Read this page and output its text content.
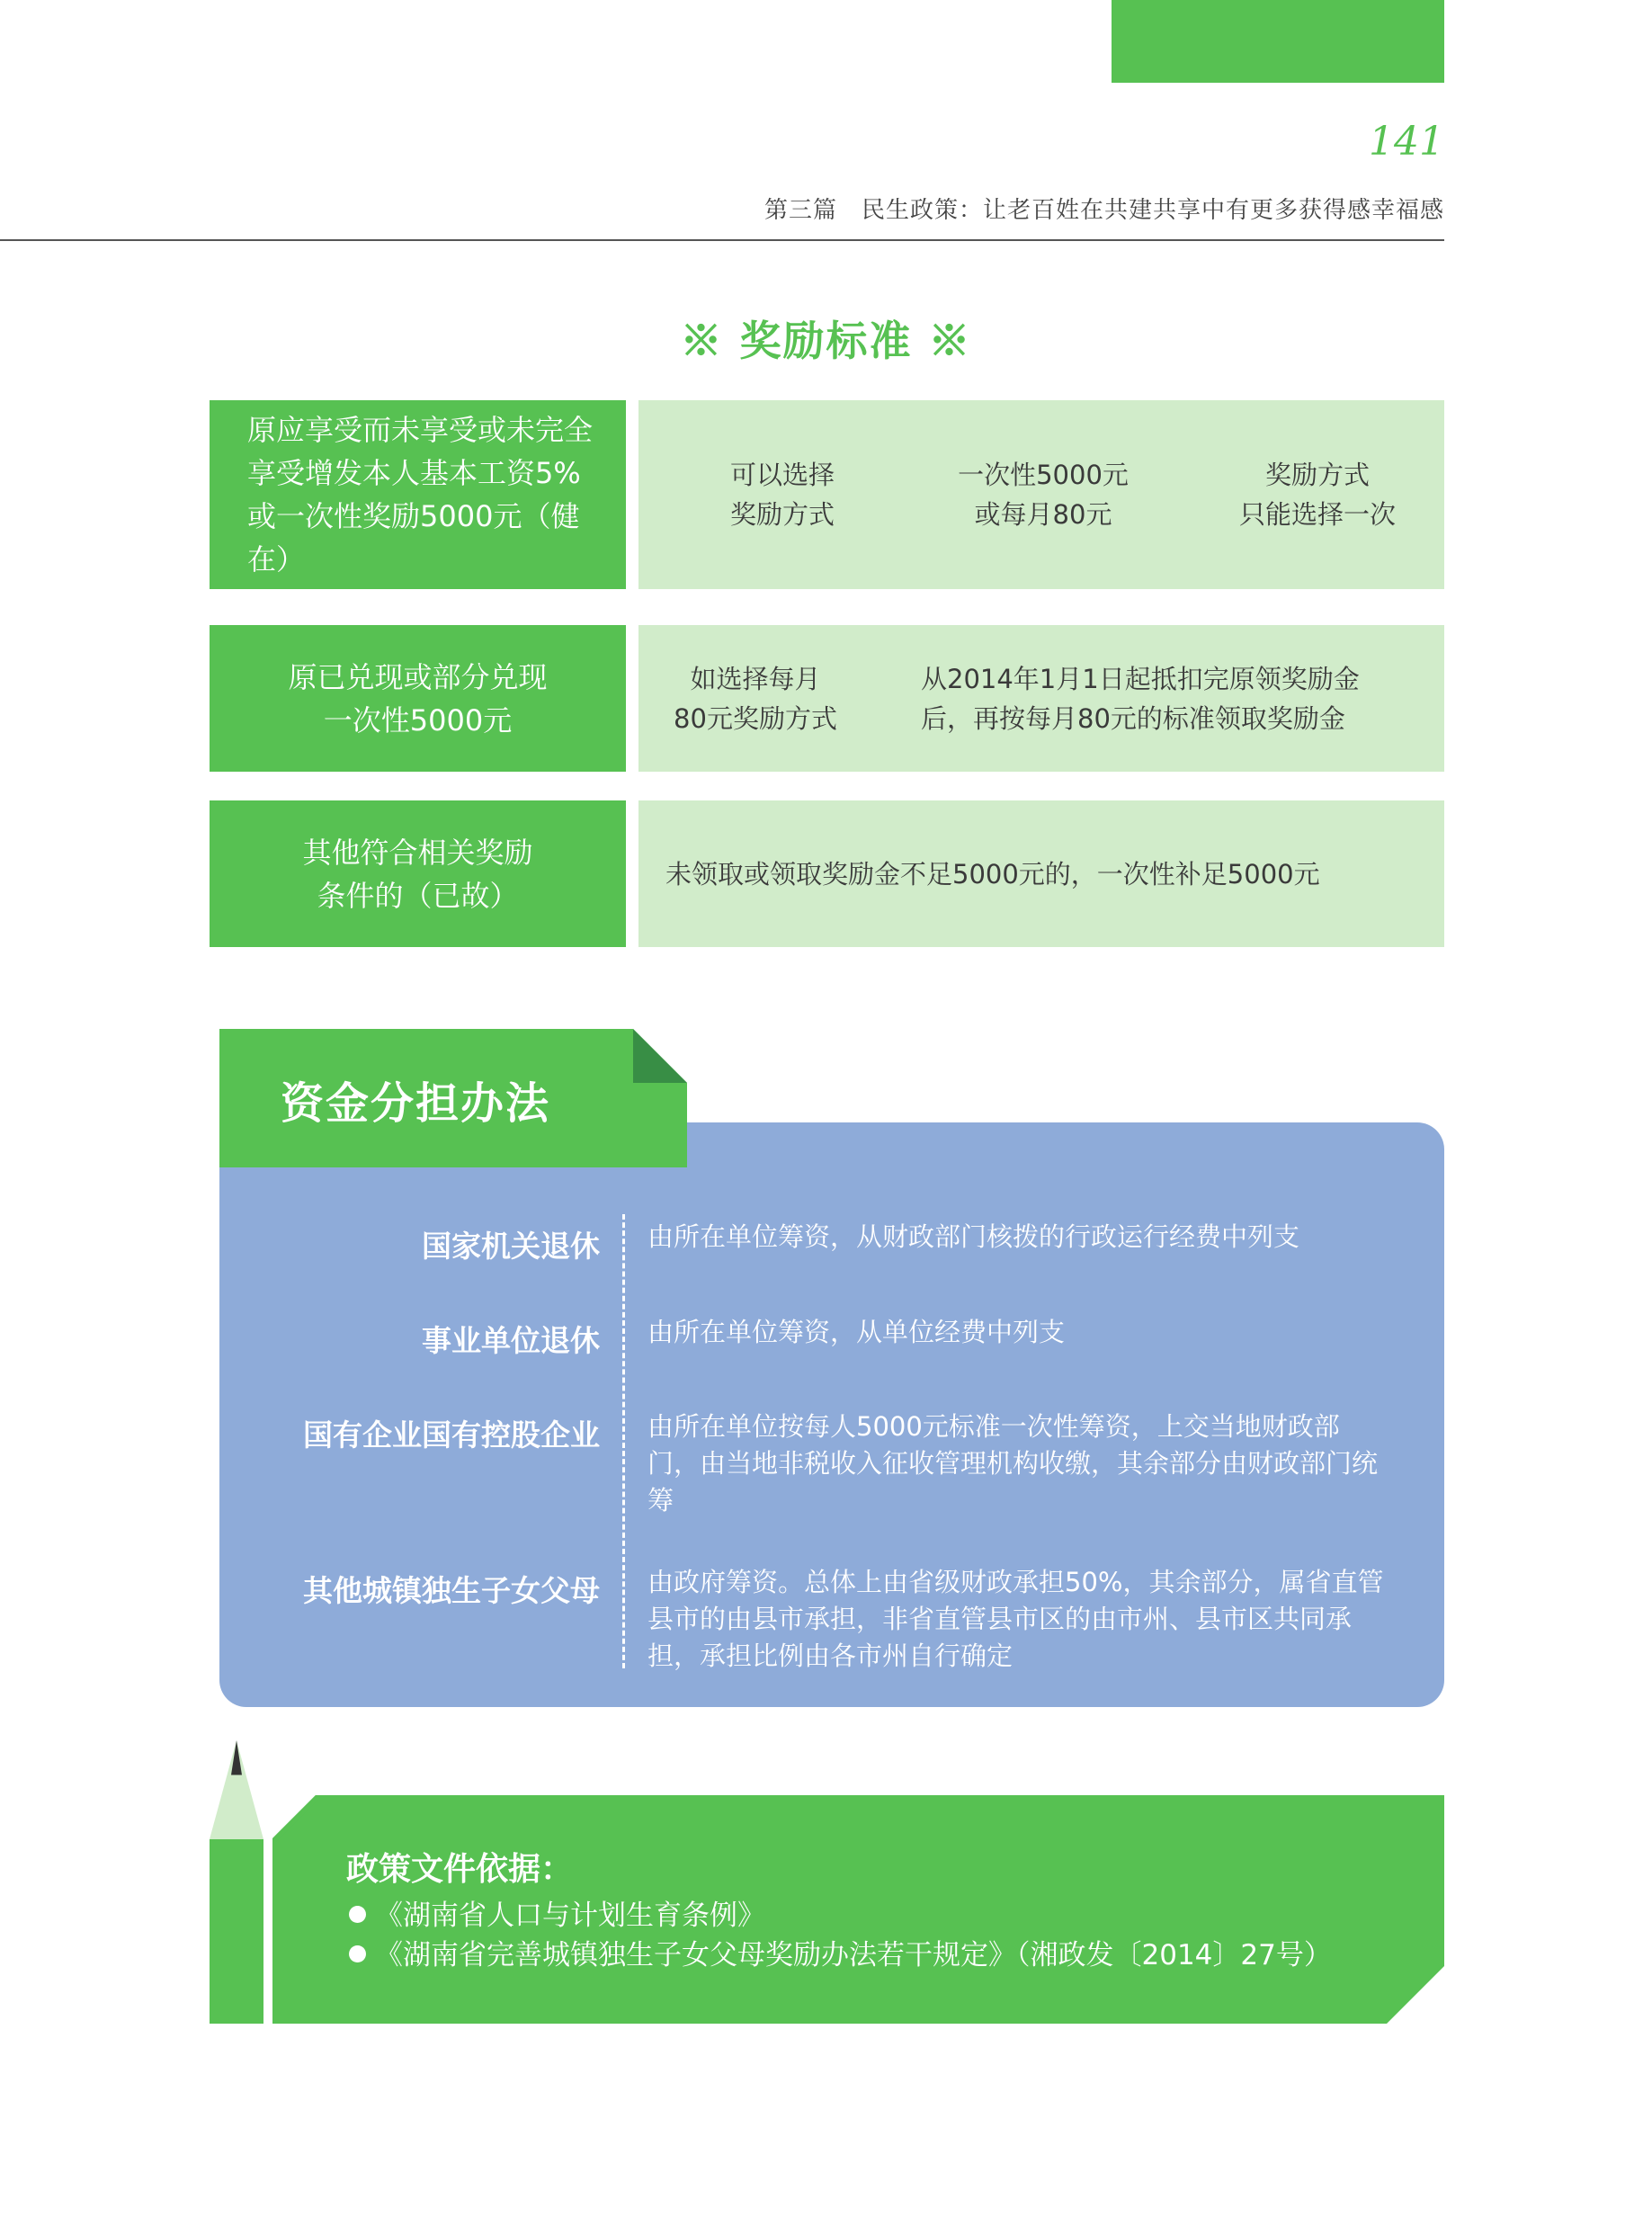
141
第三篇　民生政策：让老百姓在共建共享中有更多获得感幸福感
※ 奖励标准 ※
原应享受而未享受或未完全享受增发本人基本工资5%或一次性奖励5000元（健在）
可以选择
奖励方式
一次性5000元
或每月80元
奖励方式
只能选择一次
原已兑现或部分兑现
一次性5000元
如选择每月
80元奖励方式
从2014年1月1日起抵扣完原领奖励金
后，再按每月80元的标准领取奖励金
其他符合相关奖励
条件的（已故）
未领取或领取奖励金不足5000元的，一次性补足5000元
资金分担办法
国家机关退休 由所在单位筹资，从财政部门核拨的行政运行经费中列支
事业单位退休 由所在单位筹资，从单位经费中列支
国有企业国有控股企业 由所在单位按每人5000元标准一次性筹资，上交当地财政部门，由当地非税收入征收管理机构收缴，其余部分由财政部门统筹
其他城镇独生子女父母 由政府筹资。总体上由省级财政承担50%，其余部分，属省直管县市的由县市承担，非省直管县市区的由市州、县市区共同承担，承担比例由各市州自行确定
政策文件依据：
《湖南省人口与计划生育条例》
《湖南省完善城镇独生子女父母奖励办法若干规定》（湘政发〔2014〕27号）
